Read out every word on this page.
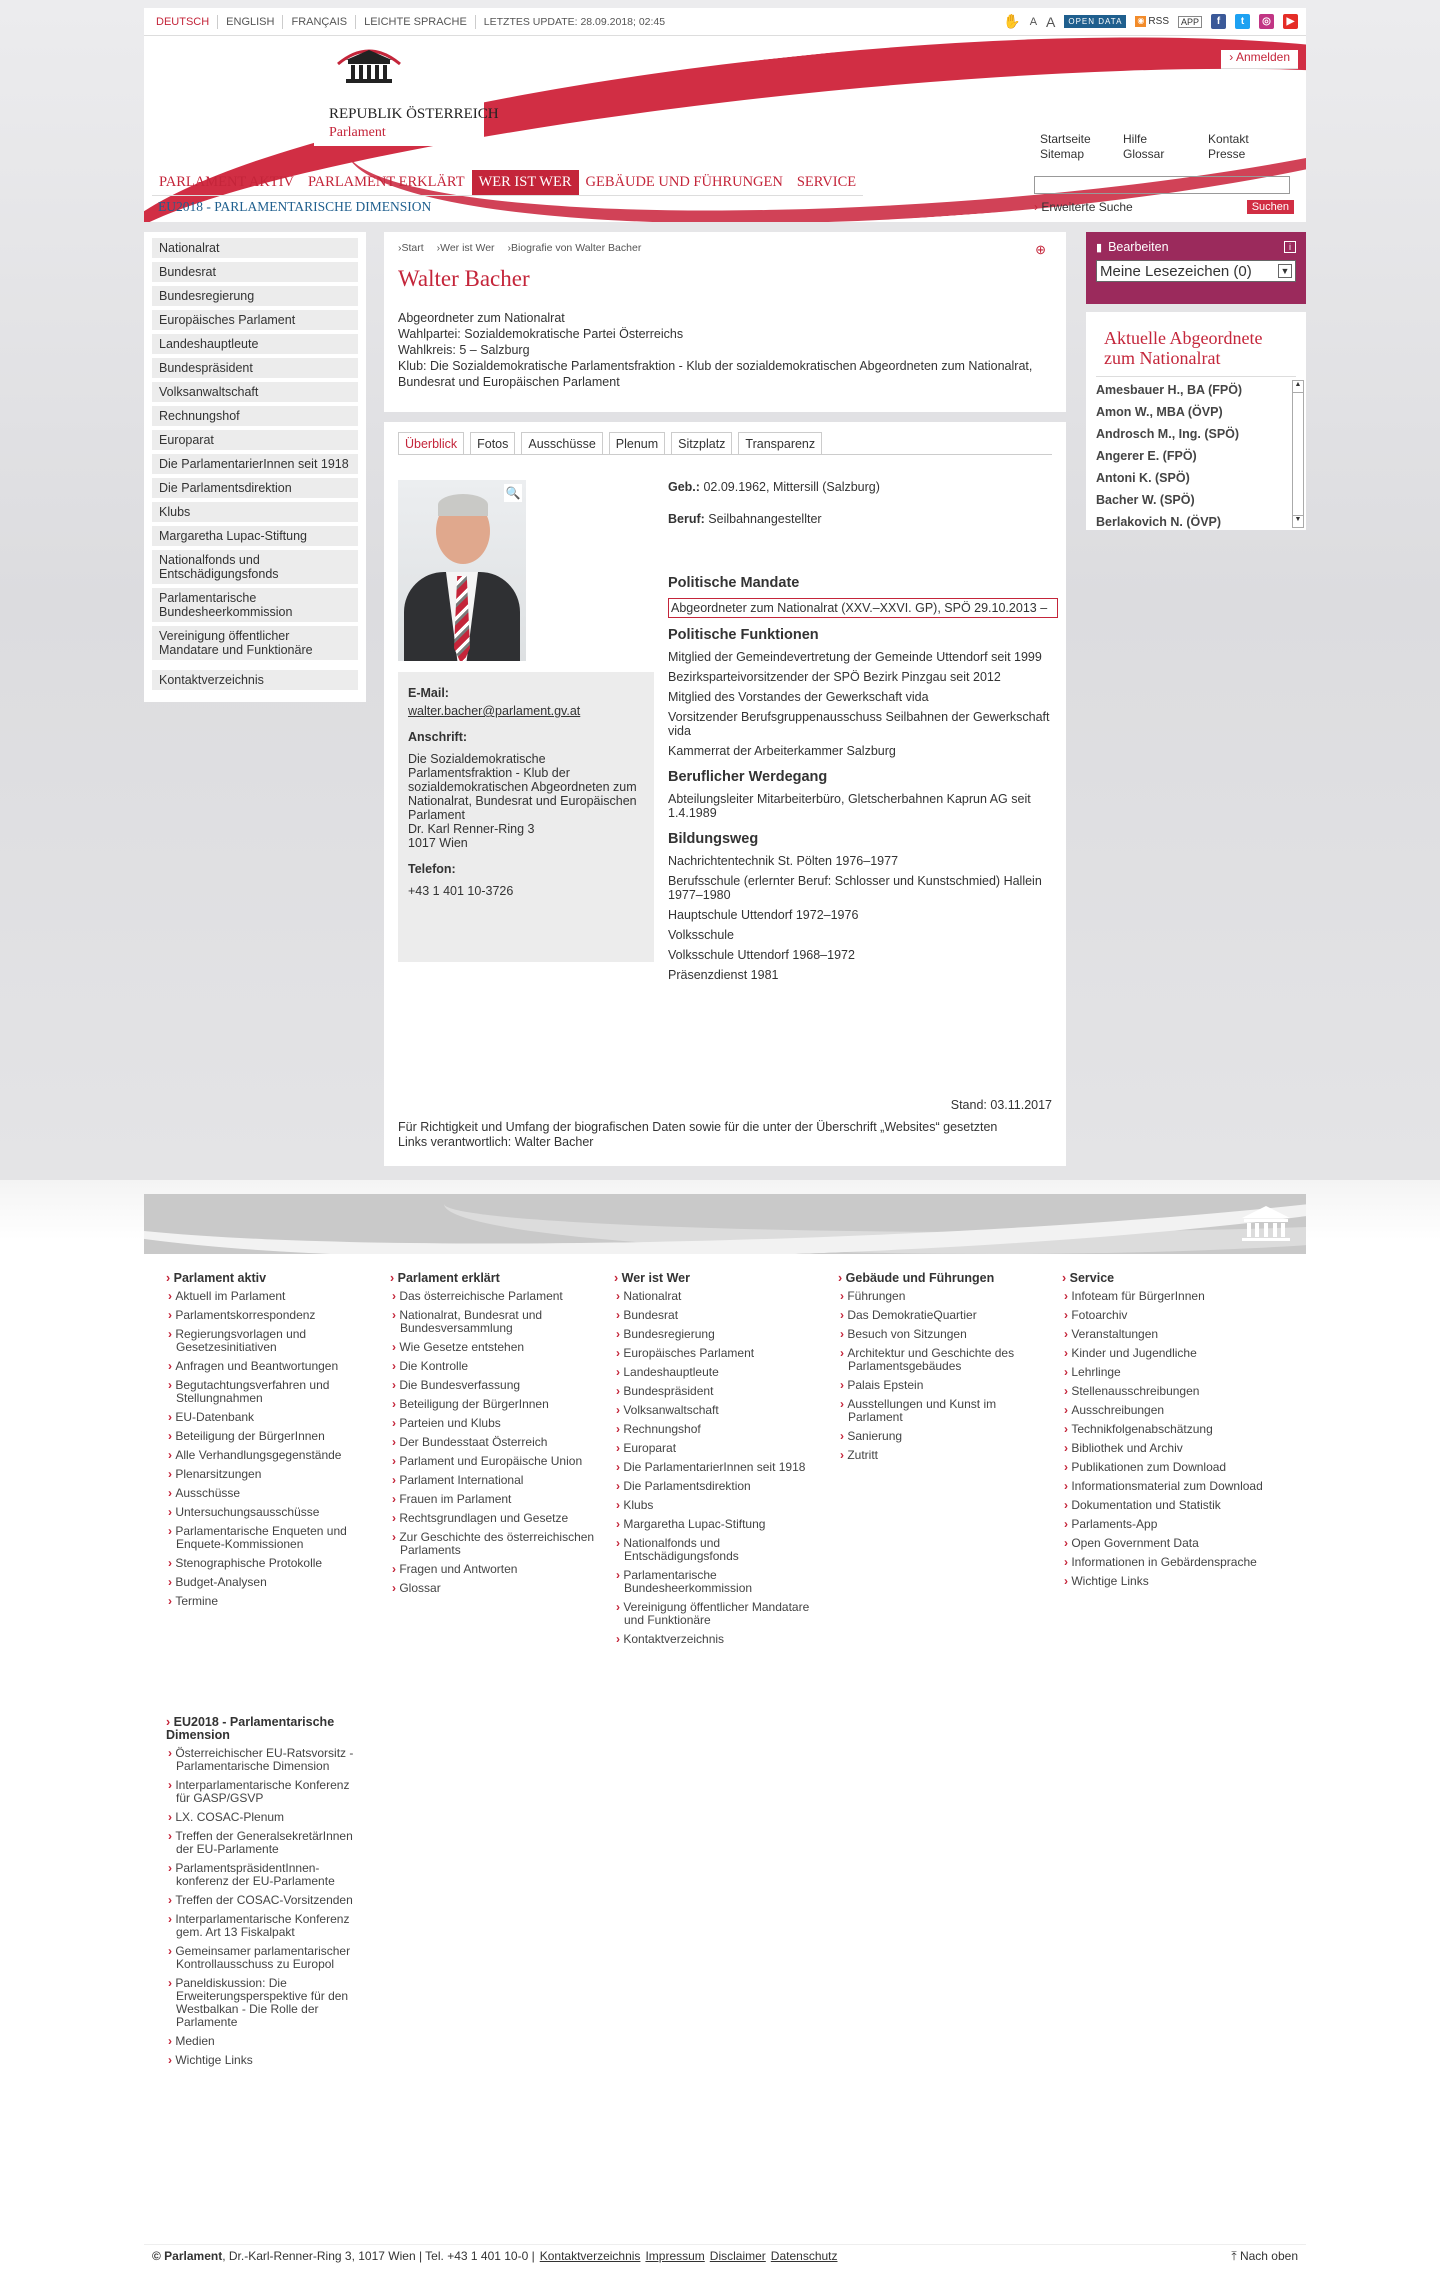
DEUTSCH	ENGLISH	FRANÇAIS	LEICHTE SPRACHE	LETZTES UPDATE: 28.09.2018; 02:45	✋ A A	OPEN DATA	◉ RSS	APP	f	t	◎	▶
REPUBLIK ÖSTERREICH
Parlament
› Anmelden
Startseite
Sitemap
Hilfe
Glossar
Kontakt
Presse
PARLAMENT AKTIV PARLAMENT ERKLÄRT WER IST WER GEBÄUDE UND FÜHRUNGEN SERVICE
EU2018 - PARLAMENTARISCHE DIMENSION	› Erweiterte Suche	Suchen
Nationalrat
Bundesrat
Bundesregierung
Europäisches Parlament
Landeshauptleute
Bundespräsident
Volksanwaltschaft
Rechnungshof
Europarat
Die ParlamentarierInnen seit 1918
Die Parlamentsdirektion
Klubs
Margaretha Lupac-Stiftung
Nationalfonds und Entschädigungsfonds
Parlamentarische Bundesheerkommission
Vereinigung öffentlicher Mandatare und Funktionäre
Kontaktverzeichnis
›Start ›Wer ist Wer ›Biografie von Walter Bacher	⊕
Walter Bacher
Abgeordneter zum Nationalrat
Wahlpartei: Sozialdemokratische Partei Österreichs
Wahlkreis: 5 – Salzburg
Klub: Die Sozialdemokratische Parlamentsfraktion - Klub der sozialdemokratischen Abgeordneten zum Nationalrat, Bundesrat und Europäischen Parlament
Überblick	Fotos	Ausschüsse	Plenum	Sitzplatz	Transparenz
🔍
E-Mail:
walter.bacher@parlament.gv.at
Anschrift:
Die Sozialdemokratische Parlamentsfraktion - Klub der sozialdemokratischen Abgeordneten zum Nationalrat, Bundesrat und Europäischen Parlament
Dr. Karl Renner-Ring 3
1017 Wien
Telefon:
+43 1 401 10-3726

Geb.: 02.09.1962, Mittersill (Salzburg)

Beruf: Seilbahnangestellter

Politische Mandate

Abgeordneter zum Nationalrat (XXV.–XXVI. GP), SPÖ 29.10.2013 –

Politische Funktionen

Mitglied der Gemeindevertretung der Gemeinde Uttendorf seit 1999

Bezirksparteivorsitzender der SPÖ Bezirk Pinzgau seit 2012

Mitglied des Vorstandes der Gewerkschaft vida

Vorsitzender Berufsgruppenausschuss Seilbahnen der Gewerkschaft vida

Kammerrat der Arbeiterkammer Salzburg

Beruflicher Werdegang

Abteilungsleiter Mitarbeiterbüro, Gletscherbahnen Kaprun AG seit 1.4.1989

Bildungsweg

Nachrichtentechnik St. Pölten 1976–1977

Berufsschule (erlernter Beruf: Schlosser und Kunstschmied) Hallein 1977–1980

Hauptschule Uttendorf 1972–1976

Volksschule

Volksschule Uttendorf 1968–1972

Präsenzdienst 1981

Stand: 03.11.2017
Für Richtigkeit und Umfang der biografischen Daten sowie für die unter der Überschrift „Websites“ gesetzten Links verantwortlich: Walter Bacher
▮ Bearbeiten	i
Meine Lesezeichen (0)	▼
Aktuelle Abgeordnete zum Nationalrat
Amesbauer H., BA (FPÖ)
Amon W., MBA (ÖVP)
Androsch M., Ing. (SPÖ)
Angerer E. (FPÖ)
Antoni K. (SPÖ)
Bacher W. (SPÖ)
Berlakovich N. (ÖVP)
▲
▼
› Parlament aktiv
› Aktuell im Parlament
› Parlamentskorrespondenz
› Regierungsvorlagen und Gesetzesinitiativen
› Anfragen und Beantwortungen
› Begutachtungsverfahren und Stellungnahmen
› EU-Datenbank
› Beteiligung der BürgerInnen
› Alle Verhandlungsgegenstände
› Plenarsitzungen
› Ausschüsse
› Untersuchungsausschüsse
› Parlamentarische Enqueten und Enquete-Kommissionen
› Stenographische Protokolle
› Budget-Analysen
› Termine
› Parlament erklärt
› Das österreichische Parlament
› Nationalrat, Bundesrat und Bundesversammlung
› Wie Gesetze entstehen
› Die Kontrolle
› Die Bundesverfassung
› Beteiligung der BürgerInnen
› Parteien und Klubs
› Der Bundesstaat Österreich
› Parlament und Europäische Union
› Parlament International
› Frauen im Parlament
› Rechtsgrundlagen und Gesetze
› Zur Geschichte des österreichischen Parlaments
› Fragen und Antworten
› Glossar
› Wer ist Wer
› Nationalrat
› Bundesrat
› Bundesregierung
› Europäisches Parlament
› Landeshauptleute
› Bundespräsident
› Volksanwaltschaft
› Rechnungshof
› Europarat
› Die ParlamentarierInnen seit 1918
› Die Parlamentsdirektion
› Klubs
› Margaretha Lupac-Stiftung
› Nationalfonds und Entschädigungsfonds
› Parlamentarische Bundesheerkommission
› Vereinigung öffentlicher Mandatare und Funktionäre
› Kontaktverzeichnis
› Gebäude und Führungen
› Führungen
› Das DemokratieQuartier
› Besuch von Sitzungen
› Architektur und Geschichte des Parlamentsgebäudes
› Palais Epstein
› Ausstellungen und Kunst im Parlament
› Sanierung
› Zutritt
› Service
› Infoteam für BürgerInnen
› Fotoarchiv
› Veranstaltungen
› Kinder und Jugendliche
› Lehrlinge
› Stellenausschreibungen
› Ausschreibungen
› Technikfolgenabschätzung
› Bibliothek und Archiv
› Publikationen zum Download
› Informationsmaterial zum Download
› Dokumentation und Statistik
› Parlaments-App
› Open Government Data
› Informationen in Gebärdensprache
› Wichtige Links
› EU2018 - Parlamentarische Dimension
› Österreichischer EU-Ratsvorsitz - Parlamentarische Dimension
› Interparlamentarische Konferenz für GASP/GSVP
› LX. COSAC-Plenum
› Treffen der GeneralsekretärInnen der EU-Parlamente
› ParlamentspräsidentInnen-konferenz der EU-Parlamente
› Treffen der COSAC-Vorsitzenden
› Interparlamentarische Konferenz gem. Art 13 Fiskalpakt
› Gemeinsamer parlamentarischer Kontrollausschuss zu Europol
› Paneldiskussion: Die Erweiterungsperspektive für den Westbalkan - Die Rolle der Parlamente
› Medien
› Wichtige Links
© Parlament , Dr.-Karl-Renner-Ring 3, 1017 Wien | Tel. +43 1 401 10-0 | Kontaktverzeichnis Impressum Disclaimer Datenschutz	⤒ Nach oben
